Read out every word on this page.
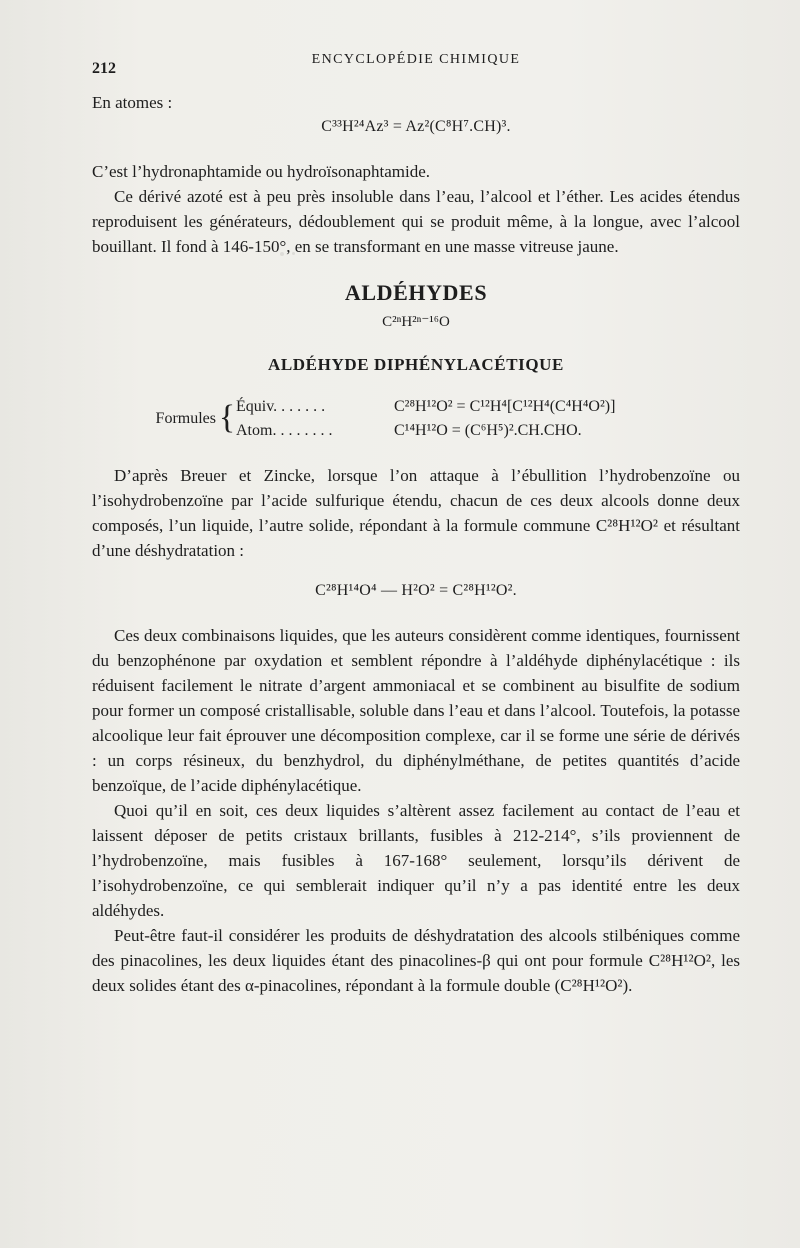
212
ENCYCLOPÉDIE CHIMIQUE

En atomes :

C³³H²⁴Az³ = Az²(C⁸H⁷.CH)³.

C’est l’hydronaphtamide ou hydroïsonaphtamide.

Ce dérivé azoté est à peu près insoluble dans l’eau, l’alcool et l’éther. Les acides étendus reproduisent les générateurs, dédoublement qui se produit même, à la longue, avec l’alcool bouillant. Il fond à 146-150°, en se transformant en une masse vitreuse jaune.

ALDÉHYDES
C²ⁿH²ⁿ⁻¹⁶O
ALDÉHYDE DIPHÉNYLACÉTIQUE
Formules { Équiv. . . . . . .	C²⁸H¹²O² = C¹²H⁴[C¹²H⁴(C⁴H⁴O²)]
Atom. . . . . . . .	C¹⁴H¹²O = (C⁶H⁵)².CH.CHO.

D’après Breuer et Zincke, lorsque l’on attaque à l’ébullition l’hydrobenzoïne ou l’isohydrobenzoïne par l’acide sulfurique étendu, chacun de ces deux alcools donne deux composés, l’un liquide, l’autre solide, répondant à la formule commune C²⁸H¹²O² et résultant d’une déshydratation :

C²⁸H¹⁴O⁴ — H²O² = C²⁸H¹²O².

Ces deux combinaisons liquides, que les auteurs considèrent comme identiques, fournissent du benzophénone par oxydation et semblent répondre à l’aldéhyde diphénylacétique : ils réduisent facilement le nitrate d’argent ammoniacal et se combinent au bisulfite de sodium pour former un composé cristallisable, soluble dans l’eau et dans l’alcool. Toutefois, la potasse alcoolique leur fait éprouver une décomposition complexe, car il se forme une série de dérivés : un corps résineux, du benzhydrol, du diphénylméthane, de petites quantités d’acide benzoïque, de l’acide diphénylacétique.

Quoi qu’il en soit, ces deux liquides s’altèrent assez facilement au contact de l’eau et laissent déposer de petits cristaux brillants, fusibles à 212-214°, s’ils proviennent de l’hydrobenzoïne, mais fusibles à 167-168° seulement, lorsqu’ils dérivent de l’isohydrobenzoïne, ce qui semblerait indiquer qu’il n’y a pas identité entre les deux aldéhydes.

Peut-être faut-il considérer les produits de déshydratation des alcools stilbéniques comme des pinacolines, les deux liquides étant des pinacolines-β qui ont pour formule C²⁸H¹²O², les deux solides étant des α-pinacolines, répondant à la formule double (C²⁸H¹²O²).
